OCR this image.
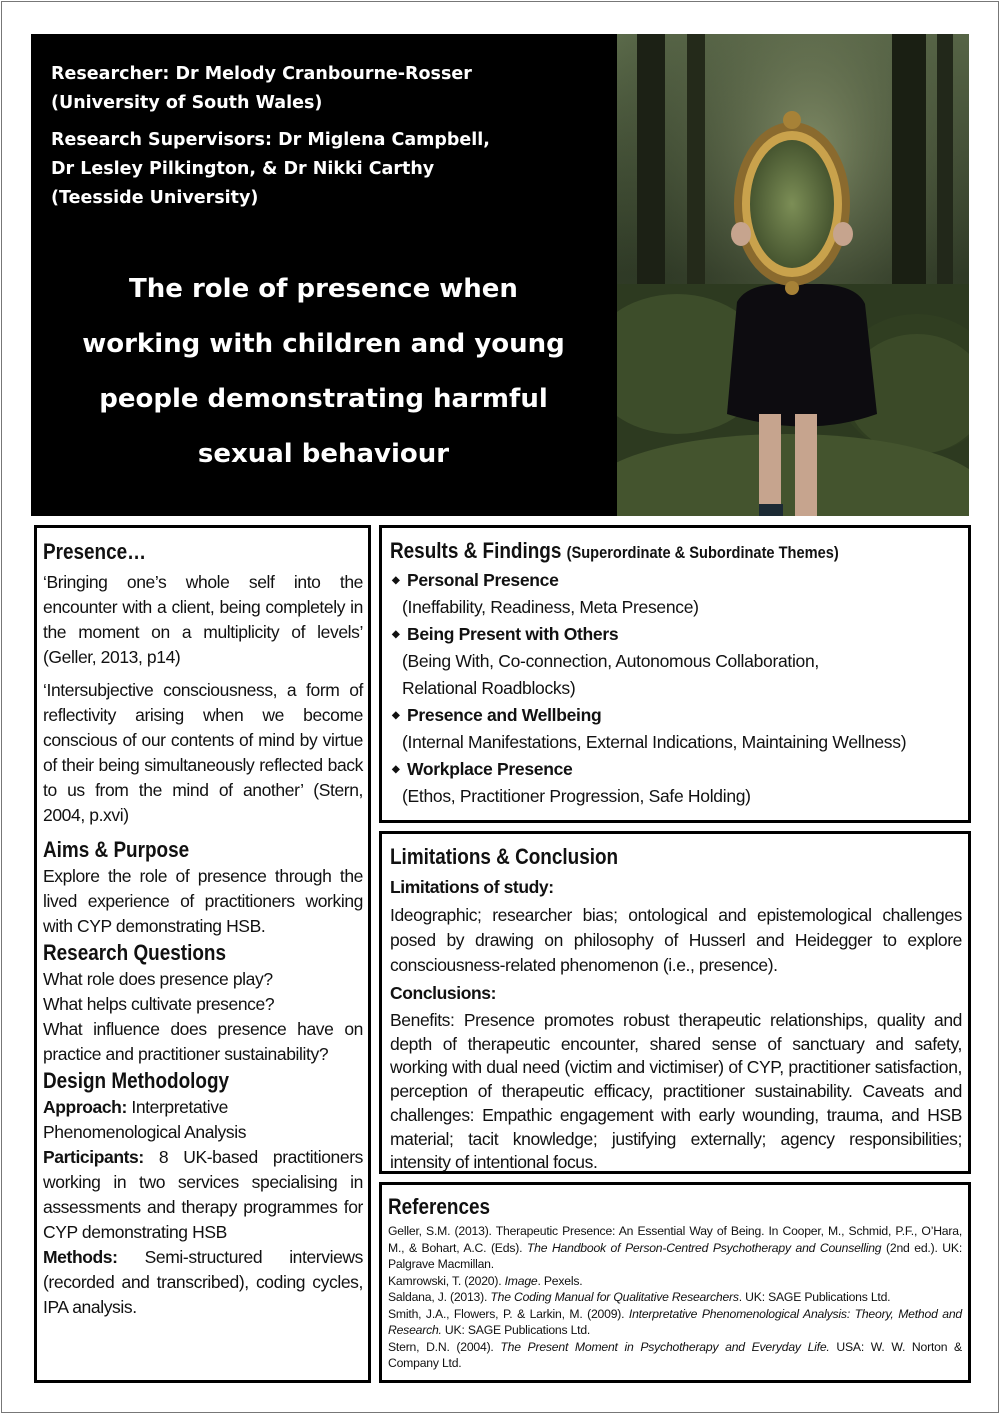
Researcher: Dr Melody Cranbourne-Rosser
(University of South Wales)

Research Supervisors: Dr Miglena Campbell,
Dr Lesley Pilkington, & Dr Nikki Carthy
(Teesside University)

The role of presence when
working with children and young
people demonstrating harmful
sexual behaviour
Presence…

‘Bringing one’s whole self into the encounter with a client, being completely in the moment on a multiplicity of levels’ (Geller, 2013, p14)

‘Intersubjective consciousness, a form of reflectivity arising when we become conscious of our contents of mind by virtue of their being simultaneously reflected back to us from the mind of another’ (Stern, 2004, p.xvi)

Aims & Purpose

Explore the role of presence through the lived experience of practitioners working with CYP demonstrating HSB.

Research Questions

What role does presence play?

What helps cultivate presence?

What influence does presence have on practice and practitioner sustainability?

Design Methodology

Approach: Interpretative

Phenomenological Analysis

Participants: 8 UK-based practitioners working in two services specialising in assessments and therapy programmes for CYP demonstrating HSB

Methods: Semi-structured interviews (recorded and transcribed), coding cycles, IPA analysis.

Results & Findings (Superordinate & Subordinate Themes)
◆ Personal Presence
(Ineffability, Readiness, Meta Presence)
◆ Being Present with Others
(Being With, Co-connection, Autonomous Collaboration,
Relational Roadblocks)
◆ Presence and Wellbeing
(Internal Manifestations, External Indications, Maintaining Wellness)
◆ Workplace Presence
(Ethos, Practitioner Progression, Safe Holding)
Limitations & Conclusion

Limitations of study:

Ideographic; researcher bias; ontological and epistemological challenges posed by drawing on philosophy of Husserl and Heidegger to explore consciousness-related phenomenon (i.e., presence).

Conclusions:

Benefits: Presence promotes robust therapeutic relationships, quality and depth of therapeutic encounter, shared sense of sanctuary and safety, working with dual need (victim and victimiser) of CYP, practitioner satisfaction, perception of therapeutic efficacy, practitioner sustainability. Caveats and challenges: Empathic engagement with early wounding, trauma, and HSB material; tacit knowledge; justifying externally; agency responsibilities; intensity of intentional focus.

References

Geller, S.M. (2013). Therapeutic Presence: An Essential Way of Being. In Cooper, M., Schmid, P.F., O’Hara, M., & Bohart, A.C. (Eds). The Handbook of Person-Centred Psychotherapy and Counselling (2nd ed.). UK: Palgrave Macmillan.

Kamrowski, T. (2020). Image. Pexels.

Saldana, J. (2013). The Coding Manual for Qualitative Researchers. UK: SAGE Publications Ltd.

Smith, J.A., Flowers, P. & Larkin, M. (2009). Interpretative Phenomenological Analysis: Theory, Method and Research. UK: SAGE Publications Ltd.

Stern, D.N. (2004). The Present Moment in Psychotherapy and Everyday Life. USA: W. W. Norton & Company Ltd.
